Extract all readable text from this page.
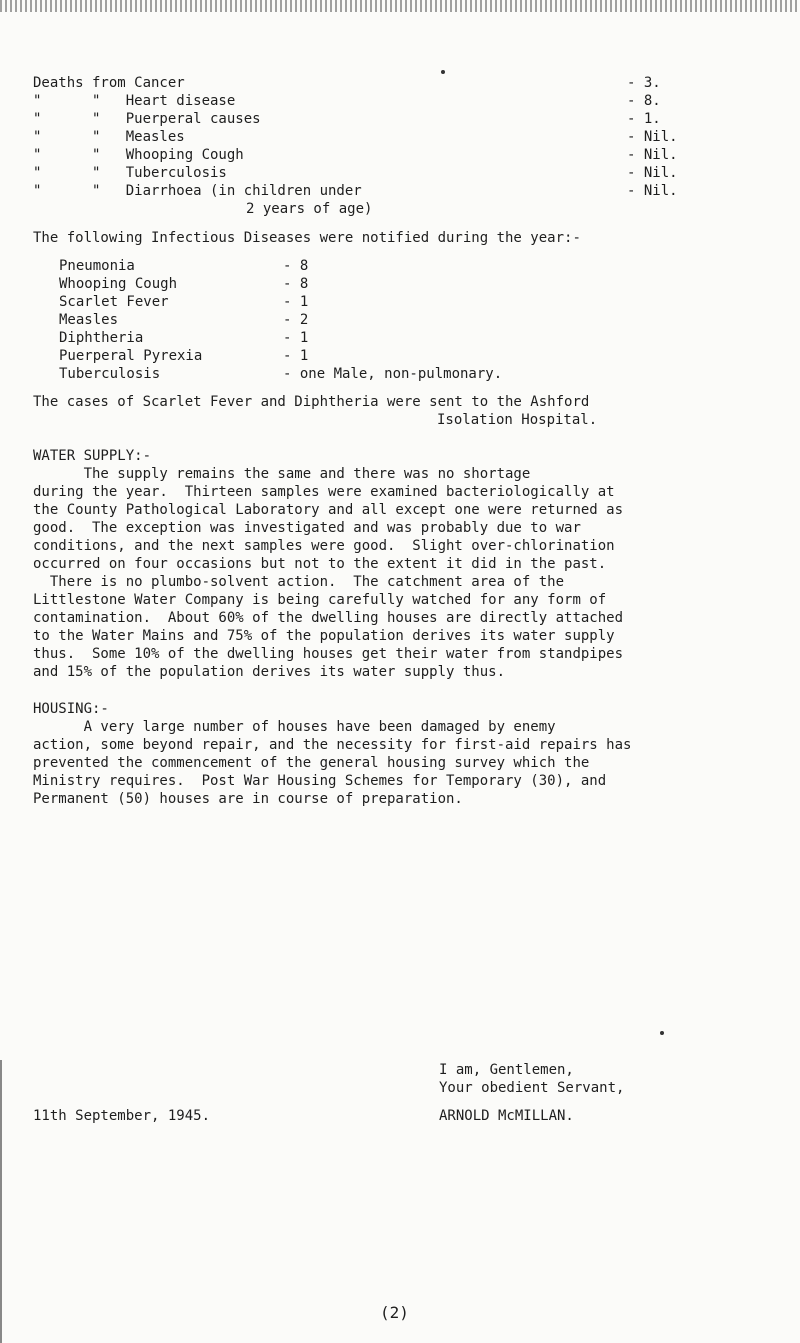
Deaths from Cancer	- 3.
"      "   Heart disease	- 8.
"      "   Puerperal causes	- 1.
"      "   Measles	- Nil.
"      "   Whooping Cough	- Nil.
"      "   Tuberculosis	- Nil.
"      "   Diarrhoea (in children under	- Nil.
2 years of age)
The following Infectious Diseases were notified during the year:-
Pneumonia	- 8
Whooping Cough	- 8
Scarlet Fever	- 1
Measles	- 2
Diphtheria	- 1
Puerperal Pyrexia	- 1
Tuberculosis	- one Male, non-pulmonary.
The cases of Scarlet Fever and Diphtheria were sent to the Ashford
Isolation Hospital.
WATER SUPPLY:-
The supply remains the same and there was no shortage
during the year.  Thirteen samples were examined bacteriologically at
the County Pathological Laboratory and all except one were returned as
good.  The exception was investigated and was probably due to war
conditions, and the next samples were good.  Slight over-chlorination
occurred on four occasions but not to the extent it did in the past.
There is no plumbo-solvent action.  The catchment area of the
Littlestone Water Company is being carefully watched for any form of
contamination.  About 60% of the dwelling houses are directly attached
to the Water Mains and 75% of the population derives its water supply
thus.  Some 10% of the dwelling houses get their water from standpipes
and 15% of the population derives its water supply thus.
HOUSING:-
A very large number of houses have been damaged by enemy
action, some beyond repair, and the necessity for first-aid repairs has
prevented the commencement of the general housing survey which the
Ministry requires.  Post War Housing Schemes for Temporary (30), and
Permanent (50) houses are in course of preparation.
I am, Gentlemen,
Your obedient Servant,
11th September, 1945.	ARNOLD McMILLAN.
(2)
